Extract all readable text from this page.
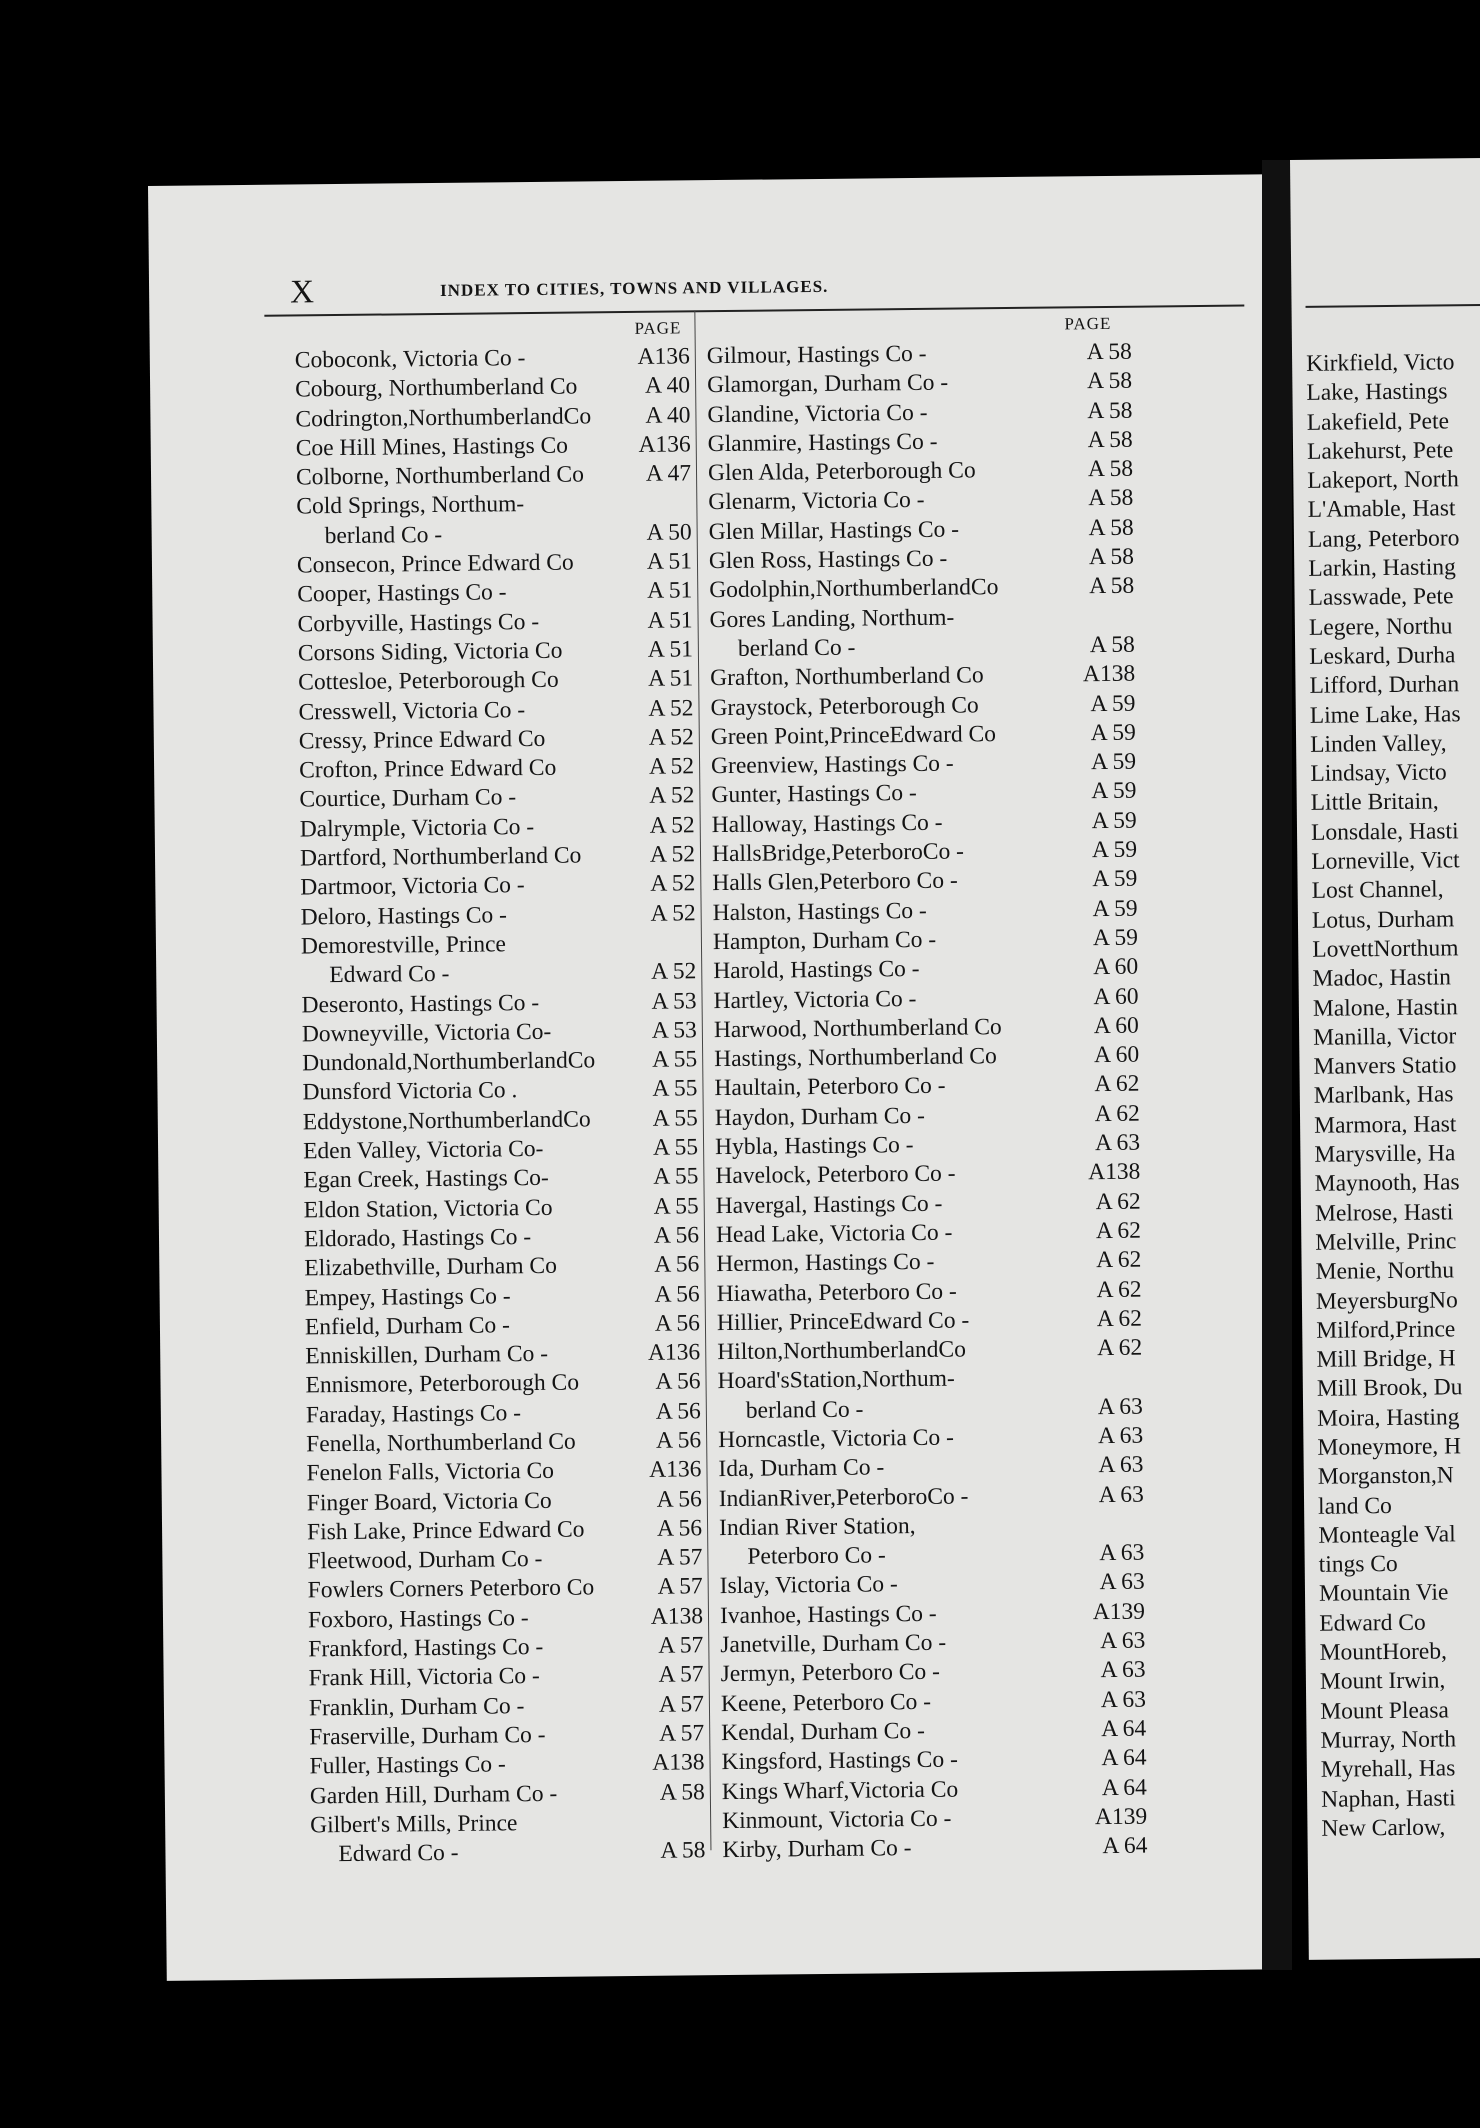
X	INDEX TO CITIES, TOWNS AND VILLAGES.
PAGE	PAGE
Coboconk, Victoria Co -	A136
Cobourg, Northumberland Co	A 40
Codrington,NorthumberlandCo A 40
Coe Hill Mines, Hastings Co	A136
Colborne, Northumberland Co	A 47
Cold Springs, Northum-
berland Co -	A 50
Consecon, Prince Edward Co	A 51
Cooper, Hastings Co -	A 51
Corbyville, Hastings Co -	A 51
Corsons Siding, Victoria Co	A 51
Cottesloe, Peterborough Co	A 51
Cresswell, Victoria Co -	A 52
Cressy, Prince Edward Co	A 52
Crofton, Prince Edward Co	A 52
Courtice, Durham Co -	A 52
Dalrymple, Victoria Co -	A 52
Dartford, Northumberland Co	A 52
Dartmoor, Victoria Co -	A 52
Deloro, Hastings Co -	A 52
Demorestville, Prince
Edward Co -	A 52
Deseronto, Hastings Co -	A 53
Downeyville, Victoria Co-	A 53
Dundonald,NorthumberlandCo A 55
Dunsford Victoria Co .	A 55
Eddystone,NorthumberlandCo	A 55
Eden Valley, Victoria Co-	A 55
Egan Creek, Hastings Co-	A 55
Eldon Station, Victoria Co	A 55
Eldorado, Hastings Co -	A 56
Elizabethville, Durham Co	A 56
Empey, Hastings Co -	A 56
Enfield, Durham Co -	A 56
Enniskillen, Durham Co -	A136
Ennismore, Peterborough Co	A 56
Faraday, Hastings Co -	A 56
Fenella, Northumberland Co	A 56
Fenelon Falls, Victoria Co	A136
Finger Board, Victoria Co	A 56
Fish Lake, Prince Edward Co	A 56
Fleetwood, Durham Co -	A 57
Fowlers Corners Peterboro Co	A 57
Foxboro, Hastings Co -	A138
Frankford, Hastings Co -	A 57
Frank Hill, Victoria Co -	A 57
Franklin, Durham Co -	A 57
Fraserville, Durham Co -	A 57
Fuller, Hastings Co -	A138
Garden Hill, Durham Co -	A 58
Gilbert's Mills, Prince
Edward Co -	A 58
Gilmour, Hastings Co -	A 58
Glamorgan, Durham Co -	A 58
Glandine, Victoria Co -	A 58
Glanmire, Hastings Co -	A 58
Glen Alda, Peterborough Co	A 58
Glenarm, Victoria Co -	A 58
Glen Millar, Hastings Co -	A 58
Glen Ross, Hastings Co -	A 58
Godolphin,NorthumberlandCo	A 58
Gores Landing, Northum-
berland Co -	A 58
Grafton, Northumberland Co	A138
Graystock, Peterborough Co	A 59
Green Point,PrinceEdward Co	A 59
Greenview, Hastings Co -	A 59
Gunter, Hastings Co -	A 59
Halloway, Hastings Co -	A 59
HallsBridge,PeterboroCo -	A 59
Halls Glen,Peterboro Co -	A 59
Halston, Hastings Co -	A 59
Hampton, Durham Co -	A 59
Harold, Hastings Co -	A 60
Hartley, Victoria Co -	A 60
Harwood, Northumberland Co	A 60
Hastings, Northumberland Co	A 60
Haultain, Peterboro Co -	A 62
Haydon, Durham Co -	A 62
Hybla, Hastings Co -	A 63
Havelock, Peterboro Co -	A138
Havergal, Hastings Co -	A 62
Head Lake, Victoria Co -	A 62
Hermon, Hastings Co -	A 62
Hiawatha, Peterboro Co -	A 62
Hillier, PrinceEdward Co -	A 62
Hilton,NorthumberlandCo	A 62
Hoard'sStation,Northum-
berland Co -	A 63
Horncastle, Victoria Co -	A 63
Ida, Durham Co -	A 63
IndianRiver,PeterboroCo -	A 63
Indian River Station,
Peterboro Co -	A 63
Islay, Victoria Co -	A 63
Ivanhoe, Hastings Co -	A139
Janetville, Durham Co -	A 63
Jermyn, Peterboro Co -	A 63
Keene, Peterboro Co -	A 63
Kendal, Durham Co -	A 64
Kingsford, Hastings Co -	A 64
Kings Wharf,Victoria Co	A 64
Kinmount, Victoria Co -	A139
Kirby, Durham Co -	A 64
Kirkfield, Victo
Lake, Hastings
Lakefield, Pete
Lakehurst, Pete
Lakeport, North
L'Amable, Hast
Lang, Peterboro
Larkin, Hasting
Lasswade, Pete
Legere, Northu
Leskard, Durha
Lifford, Durhan
Lime Lake, Has
Linden Valley,
Lindsay, Victo
Little Britain,
Lonsdale, Hasti
Lorneville, Vict
Lost Channel,
Lotus, Durham
LovettNorthum
Madoc, Hastin
Malone, Hastin
Manilla, Victor
Manvers Statio
Marlbank, Has
Marmora, Hast
Marysville, Ha
Maynooth, Has
Melrose, Hasti
Melville, Princ
Menie, Northu
MeyersburgNo
Milford,Prince
Mill Bridge, H
Mill Brook, Du
Moira, Hasting
Moneymore, H
Morganston,N
land Co
Monteagle Val
tings Co
Mountain Vie
Edward Co
MountHoreb,
Mount Irwin,
Mount Pleasa
Murray, North
Myrehall, Has
Naphan, Hasti
New Carlow,
